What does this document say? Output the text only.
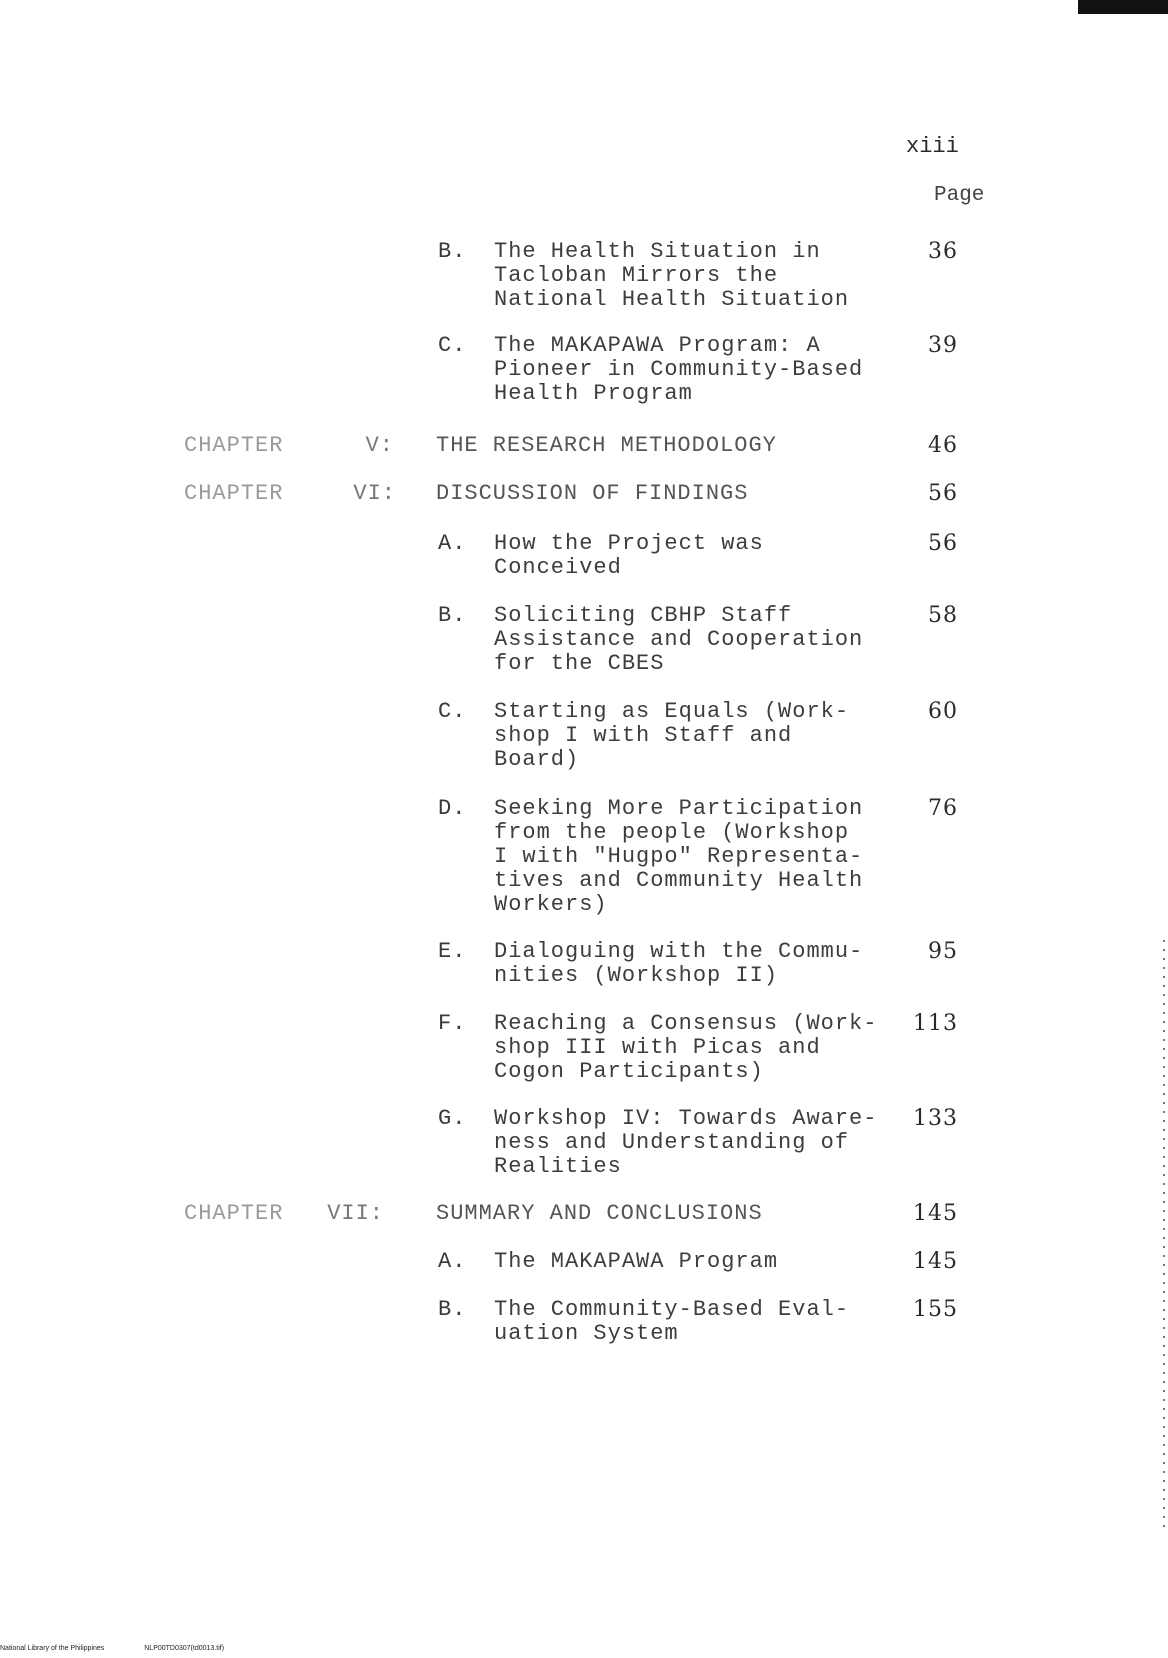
xiii
Page
B. The Health Situation in
Tacloban Mirrors the
National Health Situation
36
C. The MAKAPAWA Program: A
Pioneer in Community-Based
Health Program
39
CHAPTER	V: THE RESEARCH METHODOLOGY	46
CHAPTER	VI: DISCUSSION OF FINDINGS	56
A. How the Project was
Conceived
56
B. Soliciting CBHP Staff
Assistance and Cooperation
for the CBES
58
C. Starting as Equals (Work-
shop I with Staff and
Board)
60
D. Seeking More Participation
from the people (Workshop
I with "Hugpo" Representa-
tives and Community Health
Workers)
76
E. Dialoguing with the Commu-
nities (Workshop II)
95
F. Reaching a Consensus (Work-
shop III with Picas and
Cogon Participants)
113
G. Workshop IV: Towards Aware-
ness and Understanding of
Realities
133
CHAPTER VII: SUMMARY AND CONCLUSIONS	145
A. The MAKAPAWA Program	145
B. The Community-Based Eval-
uation System
155
National Library of the Philippines	NLP00TD0307(td0013.tif)
